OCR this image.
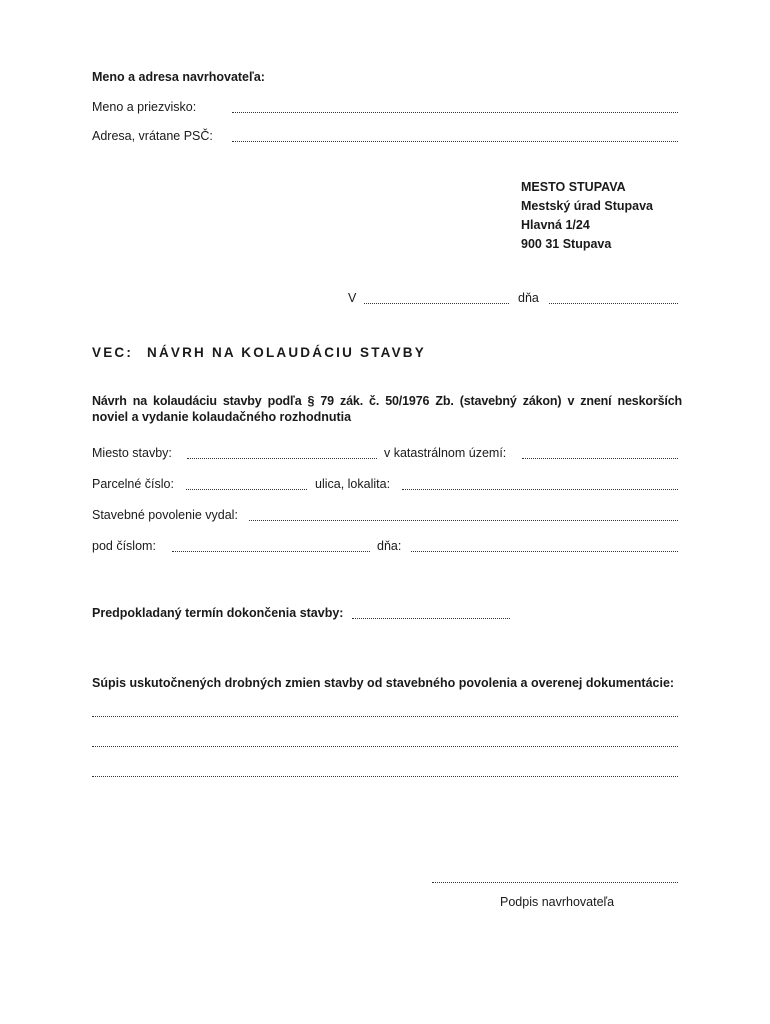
Meno a adresa navrhovateľa:
Meno a priezvisko:
Adresa, vrátane PSČ:
MESTO STUPAVA
Mestský úrad Stupava
Hlavná 1/24
900 31 Stupava
V	dňa
VEC: NÁVRH NA KOLAUDÁCIU STAVBY
Návrh na kolaudáciu stavby podľa § 79 zák. č. 50/1976 Zb. (stavebný zákon) v znení neskorších
noviel a vydanie kolaudačného rozhodnutia
Miesto stavby:	v katastrálnom území:
Parcelné číslo:	ulica, lokalita:
Stavebné povolenie vydal:
pod číslom:	dňa:
Predpokladaný termín dokončenia stavby:
Súpis uskutočnených drobných zmien stavby od stavebného povolenia a overenej dokumentácie:
Podpis navrhovateľa
